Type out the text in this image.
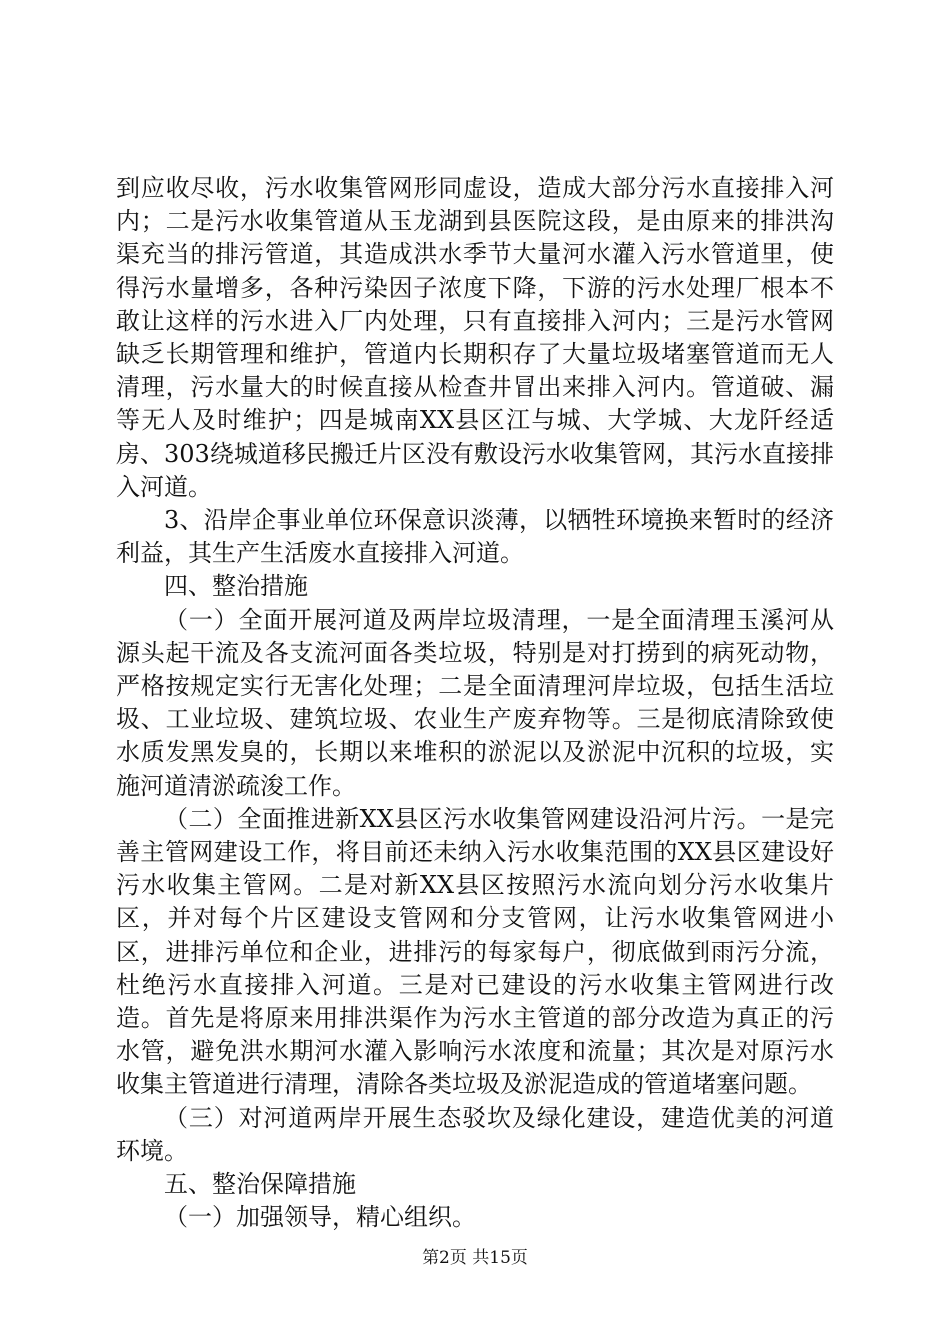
到应收尽收，污水收集管网形同虚设，造成大部分污水直接排入河内；二是污水收集管道从玉龙湖到县医院这段，是由原来的排洪沟渠充当的排污管道，其造成洪水季节大量河水灌入污水管道里，使得污水量增多，各种污染因子浓度下降，下游的污水处理厂根本不敢让这样的污水进入厂内处理，只有直接排入河内；三是污水管网缺乏长期管理和维护，管道内长期积存了大量垃圾堵塞管道而无人清理，污水量大的时候直接从检查井冒出来排入河内。管道破、漏等无人及时维护；四是城南XX县区江与城、大学城、大龙阡经适房、303绕城道移民搬迁片区没有敷设污水收集管网，其污水直接排入河道。

3、沿岸企事业单位环保意识淡薄，以牺牲环境换来暂时的经济利益，其生产生活废水直接排入河道。

四、整治措施

（一）全面开展河道及两岸垃圾清理，一是全面清理玉溪河从源头起干流及各支流河面各类垃圾，特别是对打捞到的病死动物，严格按规定实行无害化处理；二是全面清理河岸垃圾，包括生活垃圾、工业垃圾、建筑垃圾、农业生产废弃物等。三是彻底清除致使水质发黑发臭的，长期以来堆积的淤泥以及淤泥中沉积的垃圾，实施河道清淤疏浚工作。

（二）全面推进新XX县区污水收集管网建设沿河片污。一是完善主管网建设工作，将目前还未纳入污水收集范围的XX县区建设好污水收集主管网。二是对新XX县区按照污水流向划分污水收集片区，并对每个片区建设支管网和分支管网，让污水收集管网进小区，进排污单位和企业，进排污的每家每户，彻底做到雨污分流，杜绝污水直接排入河道。三是对已建设的污水收集主管网进行改造。首先是将原来用排洪渠作为污水主管道的部分改造为真正的污水管，避免洪水期河水灌入影响污水浓度和流量；其次是对原污水收集主管道进行清理，清除各类垃圾及淤泥造成的管道堵塞问题。

（三）对河道两岸开展生态驳坎及绿化建设，建造优美的河道环境。

五、整治保障措施

（一）加强领导，精心组织。

第2页 共15页
